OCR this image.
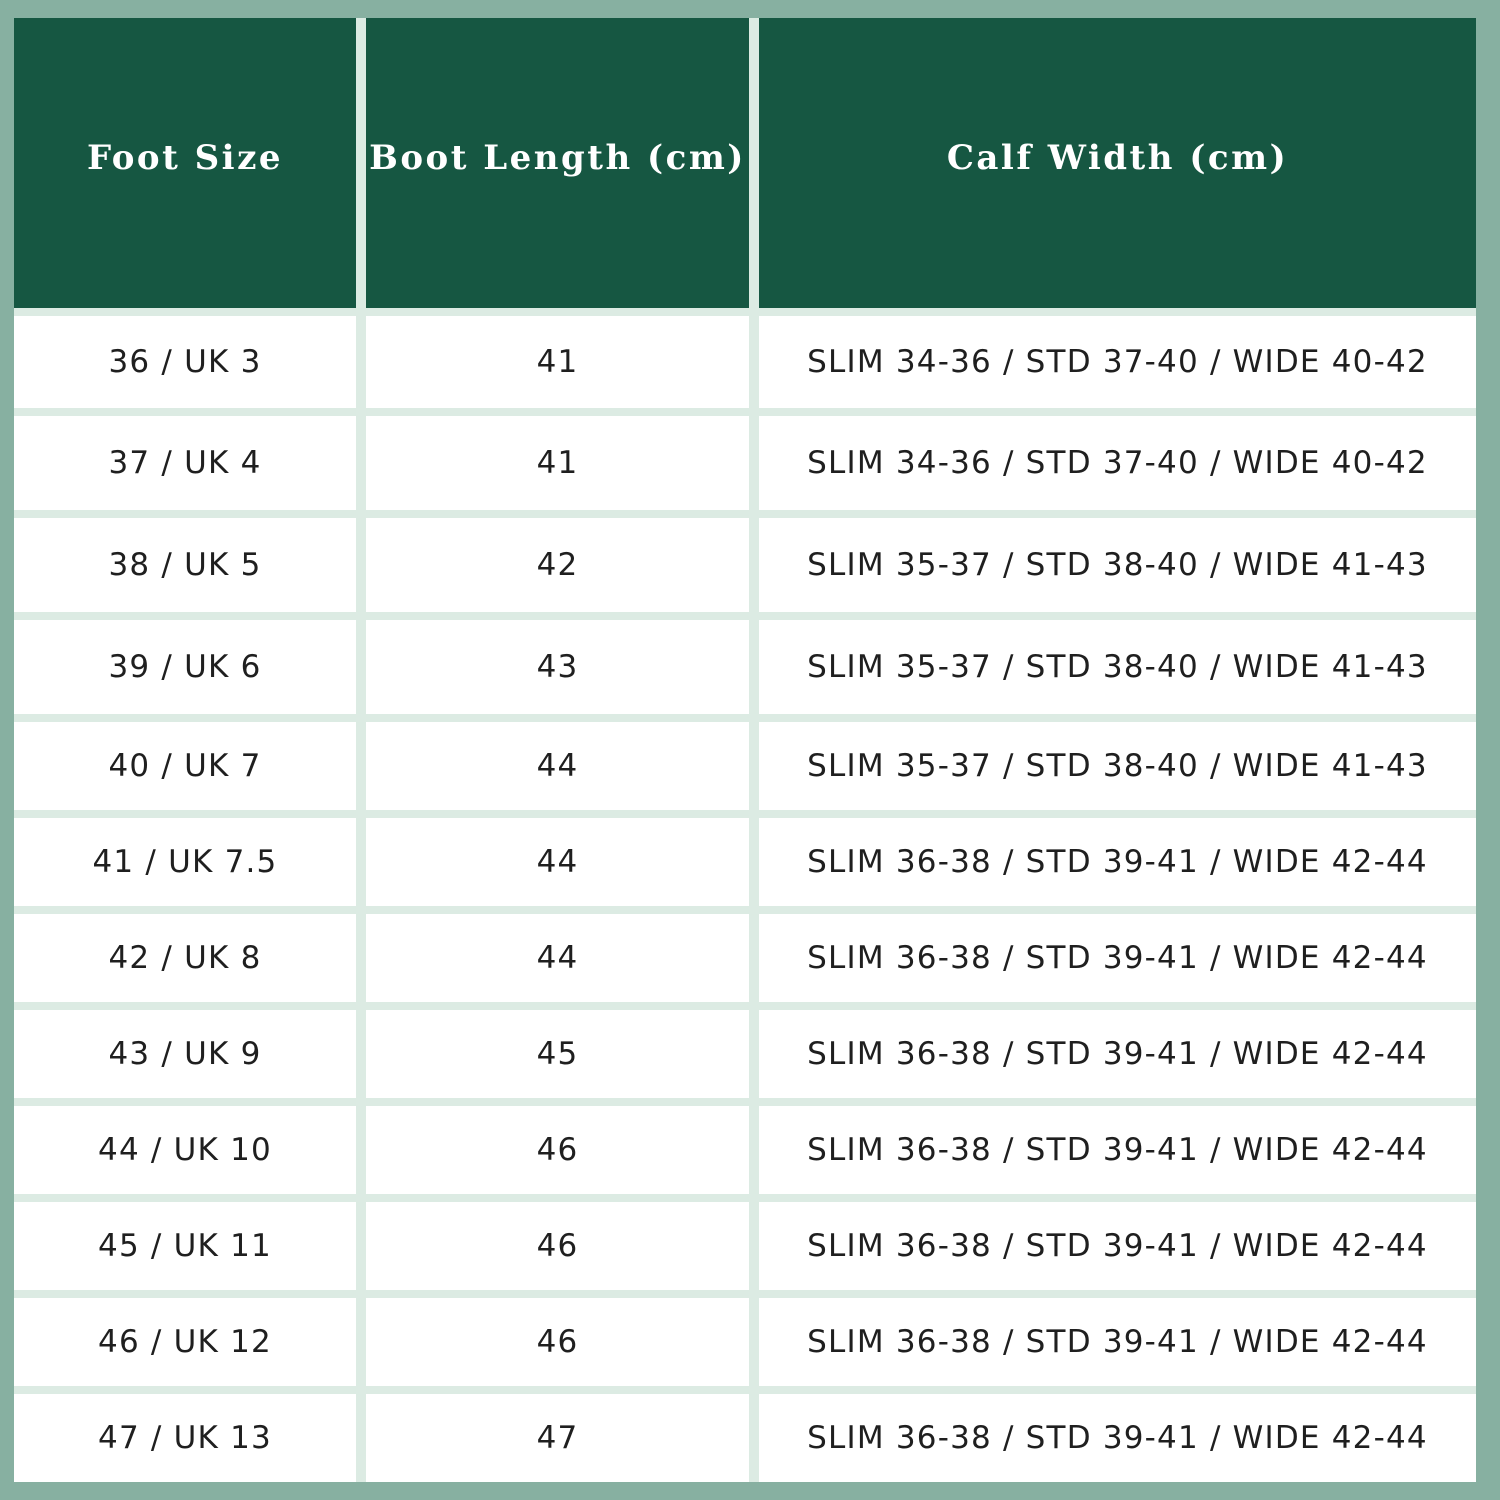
Foot Size	Boot Length (cm)	Calf Width (cm)
36 / UK 3	41	SLIM 34-36 / STD 37-40 / WIDE 40-42
37 / UK 4	41	SLIM 34-36 / STD 37-40 / WIDE 40-42
38 / UK 5	42	SLIM 35-37 / STD 38-40 / WIDE 41-43
39 / UK 6	43	SLIM 35-37 / STD 38-40 / WIDE 41-43
40 / UK 7	44	SLIM 35-37 / STD 38-40 / WIDE 41-43
41 / UK 7.5	44	SLIM 36-38 / STD 39-41 / WIDE 42-44
42 / UK 8	44	SLIM 36-38 / STD 39-41 / WIDE 42-44
43 / UK 9	45	SLIM 36-38 / STD 39-41 / WIDE 42-44
44 / UK 10	46	SLIM 36-38 / STD 39-41 / WIDE 42-44
45 / UK 11	46	SLIM 36-38 / STD 39-41 / WIDE 42-44
46 / UK 12	46	SLIM 36-38 / STD 39-41 / WIDE 42-44
47 / UK 13	47	SLIM 36-38 / STD 39-41 / WIDE 42-44
